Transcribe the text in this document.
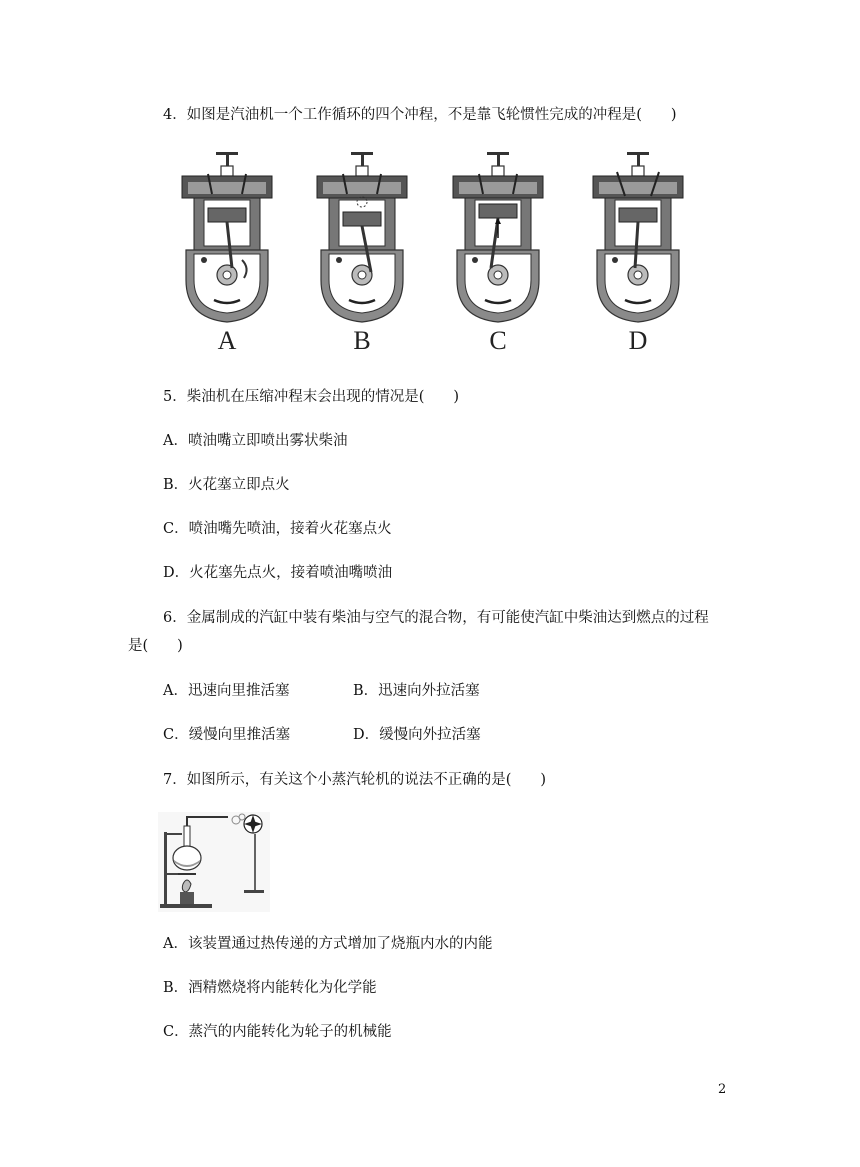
4．如图是汽油机一个工作循环的四个冲程，不是靠飞轮惯性完成的冲程是(　　)
A	B	C	D
5．柴油机在压缩冲程末会出现的情况是(　　)
A．喷油嘴立即喷出雾状柴油
B．火花塞立即点火
C．喷油嘴先喷油，接着火花塞点火
D．火花塞先点火，接着喷油嘴喷油
6．金属制成的汽缸中装有柴油与空气的混合物，有可能使汽缸中柴油达到燃点的过程
是(　　)
A．迅速向里推活塞	B．迅速向外拉活塞
C．缓慢向里推活塞	D．缓慢向外拉活塞
7．如图所示，有关这个小蒸汽轮机的说法不正确的是(　　)
A．该装置通过热传递的方式增加了烧瓶内水的内能
B．酒精燃烧将内能转化为化学能
C．蒸汽的内能转化为轮子的机械能
2
